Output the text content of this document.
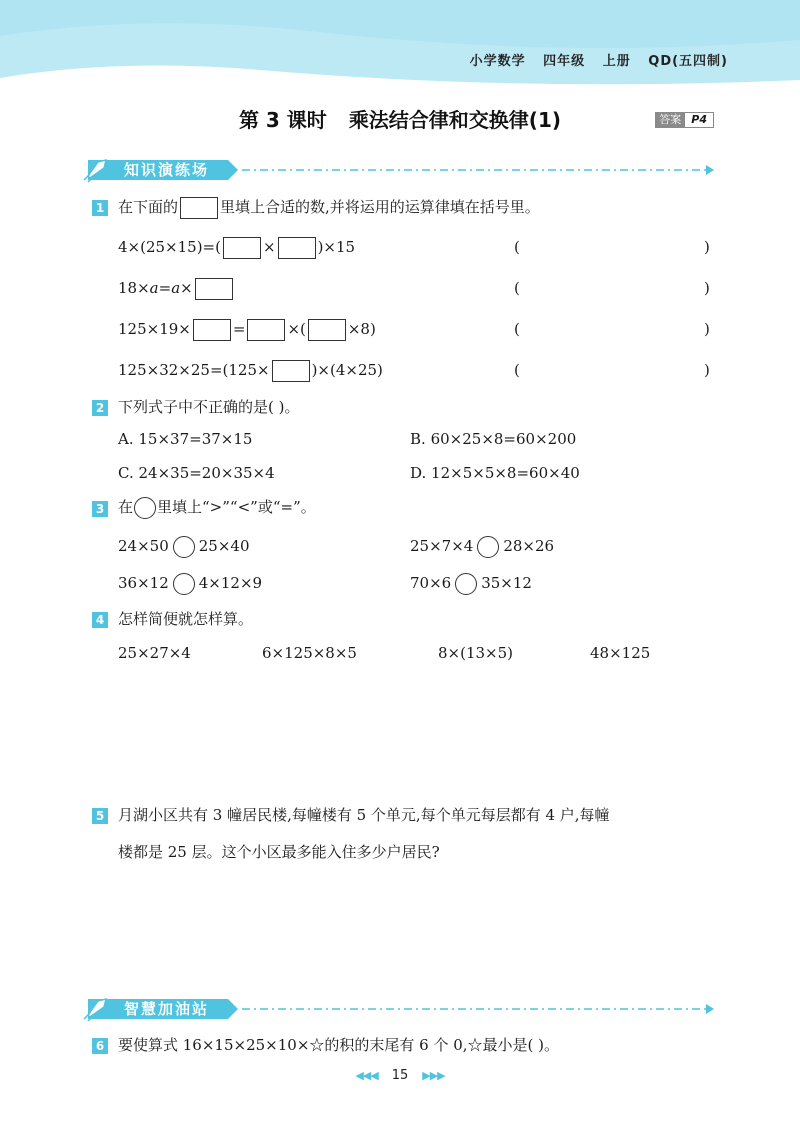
小学数学 四年级 上册 QD(五四制)
第 3 课时 乘法结合律和交换律(1)	答案 P4
知识演练场
1 在下面的	里填上合适的数,并将运用的运算律填在括号里。
4×(25×15)=(	×	)×15	(	)
18×a=a×	(	)
125×19×	=	×(	×8)	(	)
125×32×25=(125×	)×(4×25)	(	)
2 下列式子中不正确的是( )。
A. 15×37=37×15	B. 60×25×8=60×200
C. 24×35=20×35×4	D. 12×5×5×8=60×40
3 在 里填上“>”“<”或“=”。
24×50 25×40	25×7×4 28×26
36×12 4×12×9	70×6 35×12
4 怎样简便就怎样算。
25×27×4	6×125×8×5	8×(13×5)	48×125
5 月湖小区共有 3 幢居民楼,每幢楼有 5 个单元,每个单元每层都有 4 户,每幢
楼都是 25 层。这个小区最多能入住多少户居民?
智慧加油站
6 要使算式 16×15×25×10×☆的积的末尾有 6 个 0,☆最小是( )。
◀◀◀ 15 ▶▶▶
